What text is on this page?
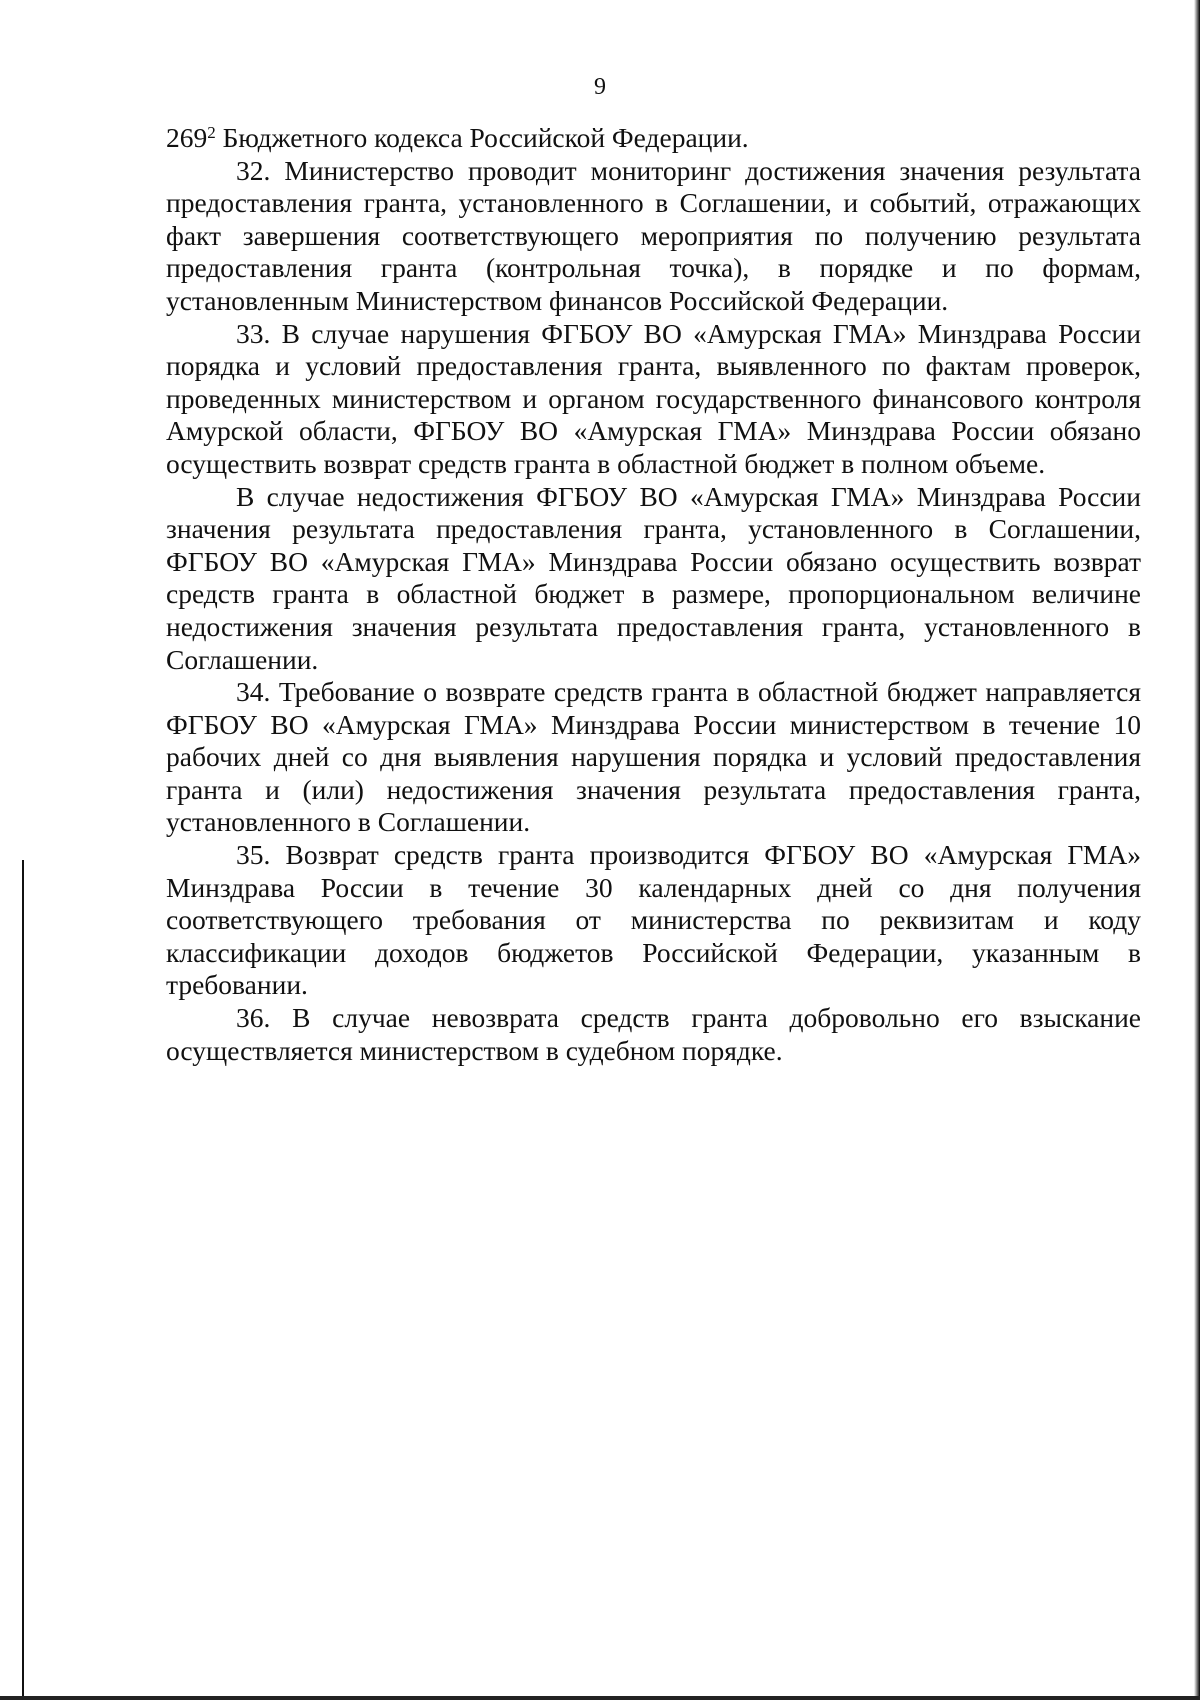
9

$269^2$ Бюджетного кодекса Российской Федерации.

32. Министерство проводит мониторинг достижения значения результата предоставления гранта, установленного в Соглашении, и событий, отражающих факт завершения соответствующего мероприятия по получению результата предоставления гранта (контрольная точка), в порядке и по формам, установленным Министерством финансов Российской Федерации.

33. В случае нарушения ФГБОУ ВО «Амурская ГМА» Минздрава России порядка и условий предоставления гранта, выявленного по фактам проверок, проведенных министерством и органом государственного финансового контроля Амурской области, ФГБОУ ВО «Амурская ГМА» Минздрава России обязано осуществить возврат средств гранта в областной бюджет в полном объеме.

В случае недостижения ФГБОУ ВО «Амурская ГМА» Минздрава России значения результата предоставления гранта, установленного в Соглашении, ФГБОУ ВО «Амурская ГМА» Минздрава России обязано осуществить возврат средств гранта в областной бюджет в размере, пропорциональном величине недостижения значения результата предоставления гранта, установленного в Соглашении.

34. Требование о возврате средств гранта в областной бюджет направляется ФГБОУ ВО «Амурская ГМА» Минздрава России министерством в течение 10 рабочих дней со дня выявления нарушения порядка и условий предоставления гранта и (или) недостижения значения результата предоставления гранта, установленного в Соглашении.

35. Возврат средств гранта производится ФГБОУ ВО «Амурская ГМА» Минздрава России в течение 30 календарных дней со дня получения соответствующего требования от министерства по реквизитам и коду классификации доходов бюджетов Российской Федерации, указанным в требовании.

36. В случае невозврата средств гранта добровольно его взыскание осуществляется министерством в судебном порядке.
